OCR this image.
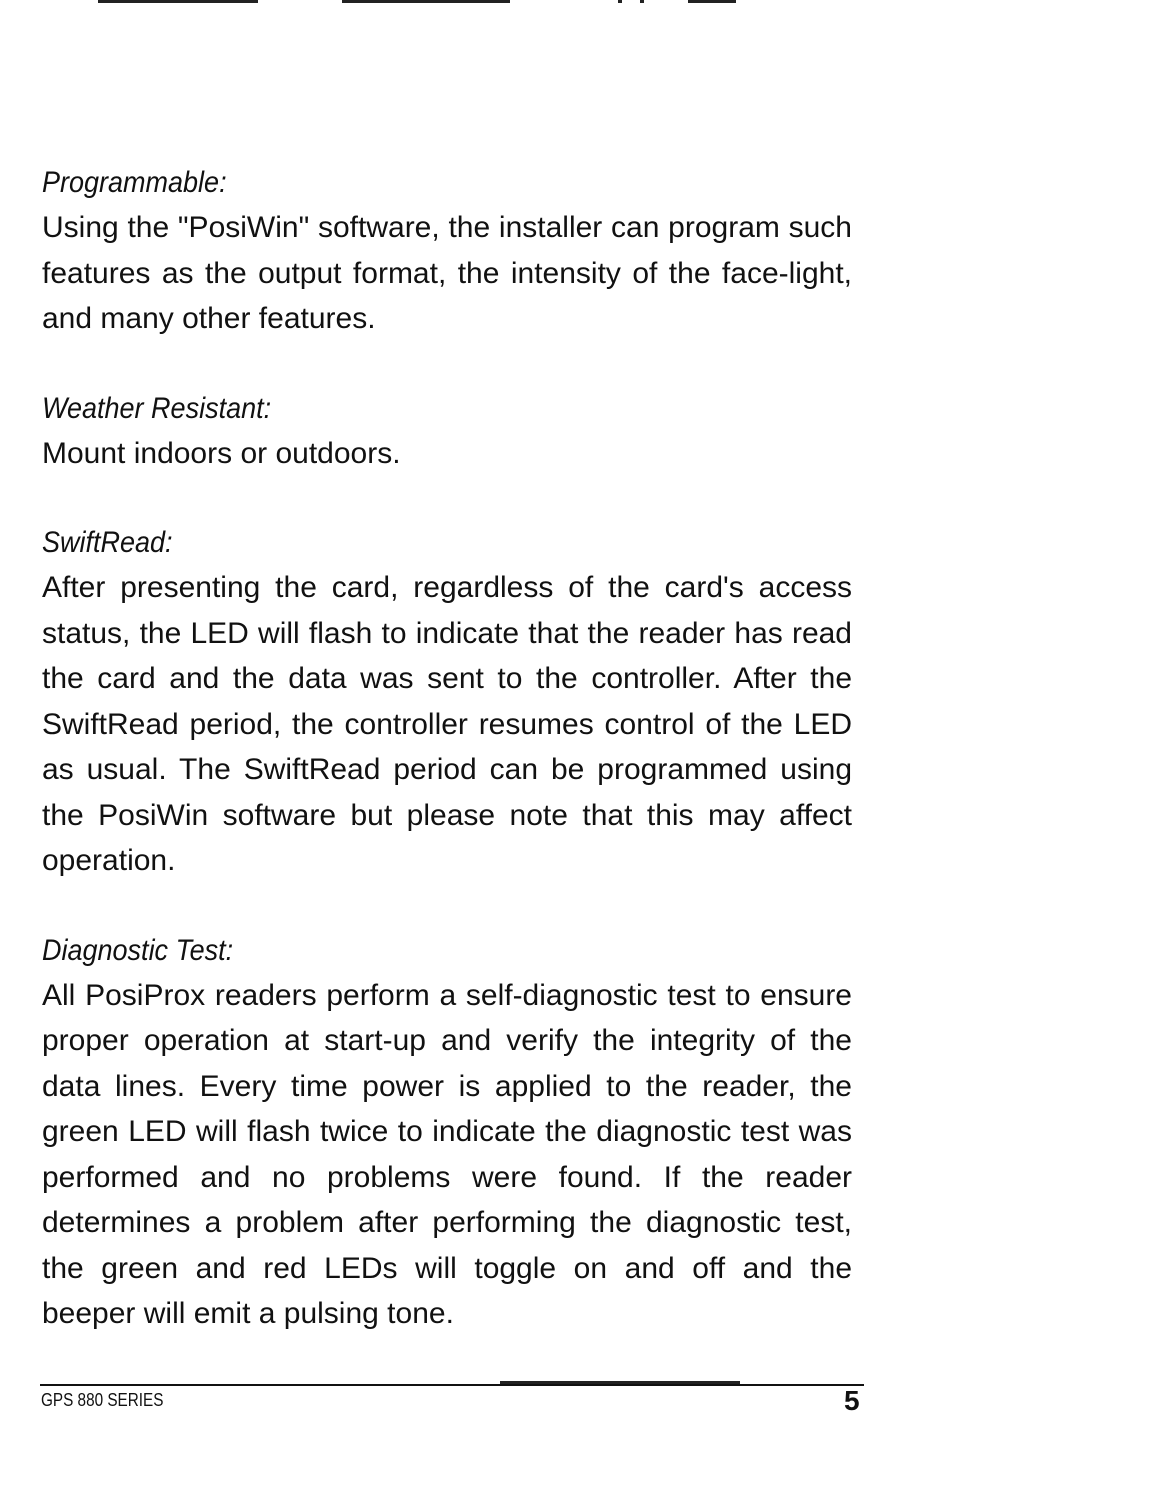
Programmable:

Using the "PosiWin" software, the installer can program such features as the output format, the intensity of the face-light, and many other features.

Weather Resistant:

Mount indoors or outdoors.

SwiftRead:

After presenting the card, regardless of the card's access status, the LED will flash to indicate that the reader has read the card and the data was sent to the controller. After the SwiftRead period, the controller resumes control of the LED as usual. The SwiftRead period can be programmed using the PosiWin software but please note that this may affect operation.

Diagnostic Test:

All PosiProx readers perform a self-diagnostic test to ensure proper operation at start-up and verify the integrity of the data lines. Every time power is applied to the reader, the green LED will flash twice to indicate the diagnostic test was performed and no problems were found. If the reader determines a problem after performing the diagnostic test, the green and red LEDs will toggle on and off and the beeper will emit a pulsing tone.

GPS 880 SERIES	5
